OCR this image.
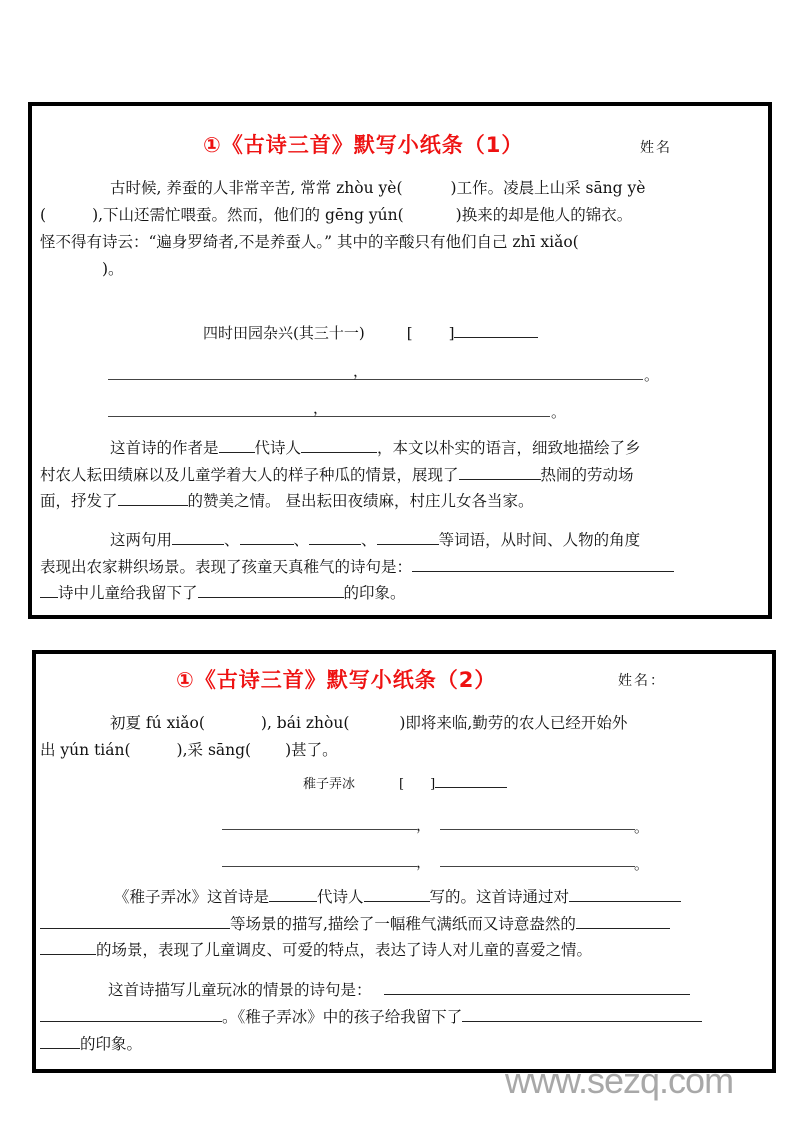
①《古诗三首》默写小纸条（1）	姓名
古时候, 养蚕的人非常辛苦, 常常 zhòu yè(	)工作。凌晨上山采 sāng yè
(	),下山还需忙喂蚕。然而，他们的 gēng yún(	)换来的却是他人的锦衣。
怪不得有诗云：“遍身罗绮者,不是养蚕人。” 其中的辛酸只有他们自己 zhī xiǎo(
)。
四时田园杂兴(其三十一)	[ ]
，	。
，	。
这首诗的作者是 代诗人	，本文以朴实的语言，细致地描绘了乡
村农人耘田绩麻以及儿童学着大人的样子种瓜的情景，展现了	热闹的劳动场
面，抒发了	的赞美之情。 昼出耘田夜绩麻，村庄儿女各当家。
这两句用	、	、	、	等词语，从时间、人物的角度
表现出农家耕织场景。表现了孩童天真稚气的诗句是：
诗中儿童给我留下了	的印象。
①《古诗三首》默写小纸条（2）	姓名：
初夏 fú xiǎo(	), bái zhòu(	)即将来临,勤劳的农人已经开始外
出 yún tián(	),采 sāng( )甚了。
稚子弄冰	[ ]
，	。
，	。
《稚子弄冰》这首诗是	代诗人	写的。这首诗通过对
等场景的描写,描绘了一幅稚气满纸而又诗意盎然的
的场景，表现了儿童调皮、可爱的特点，表达了诗人对儿童的喜爱之情。
这首诗描写儿童玩冰的情景的诗句是：
。《稚子弄冰》中的孩子给我留下了
的印象。
www.sezq.com
